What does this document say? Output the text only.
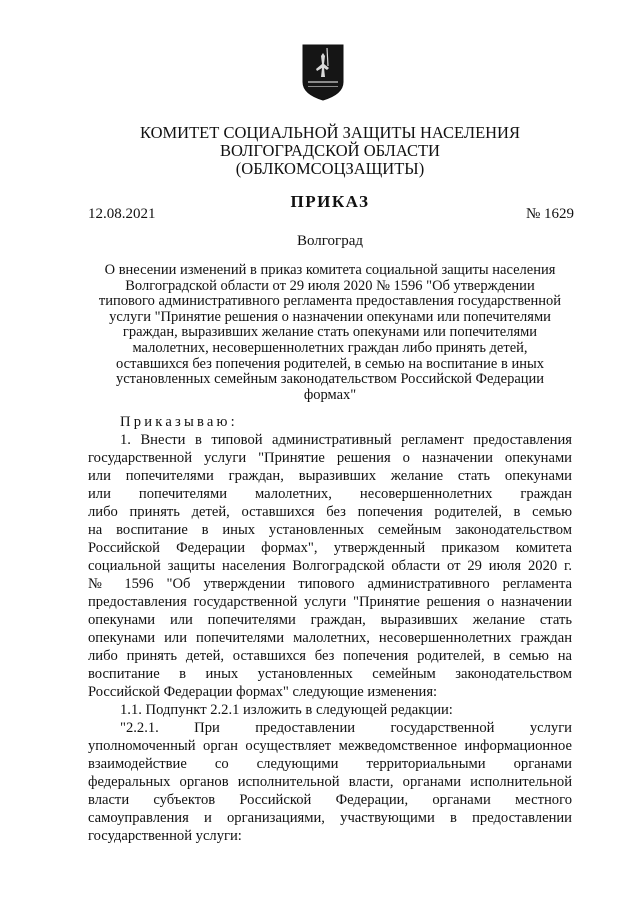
КОМИТЕТ СОЦИАЛЬНОЙ ЗАЩИТЫ НАСЕЛЕНИЯ
ВОЛГОГРАДСКОЙ ОБЛАСТИ
(ОБЛКОМСОЦЗАЩИТЫ)
ПРИКАЗ
12.08.2021	№ 1629
Волгоград
О внесении изменений в приказ комитета социальной защиты населения
Волгоградской области от 29 июля 2020 № 1596 "Об утверждении
типового административного регламента предоставления государственной
услуги "Принятие решения о назначении опекунами или попечителями
граждан, выразивших желание стать опекунами или попечителями
малолетних, несовершеннолетних граждан либо принять детей,
оставшихся без попечения родителей, в семью на воспитание в иных
установленных семейным законодательством Российской Федерации
формах"
Приказываю:
1. Внести в типовой административный регламент предоставления
государственной услуги "Принятие решения о назначении опекунами
или попечителями граждан, выразивших желание стать опекунами
или попечителями малолетних, несовершеннолетних граждан
либо принять детей, оставшихся без попечения родителей, в семью
на воспитание в иных установленных семейным законодательством
Российской Федерации формах", утвержденный приказом комитета
социальной защиты населения Волгоградской области от 29 июля 2020 г.
№ 1596 "Об утверждении типового административного регламента
предоставления государственной услуги "Принятие решения о назначении
опекунами или попечителями граждан, выразивших желание стать
опекунами или попечителями малолетних, несовершеннолетних граждан
либо принять детей, оставшихся без попечения родителей, в семью на
воспитание в иных установленных семейным законодательством
Российской Федерации формах" следующие изменения:
1.1. Подпункт 2.2.1 изложить в следующей редакции:
"2.2.1. При предоставлении государственной услуги
уполномоченный орган осуществляет межведомственное информационное
взаимодействие со следующими территориальными органами
федеральных органов исполнительной власти, органами исполнительной
власти субъектов Российской Федерации, органами местного
самоуправления и организациями, участвующими в предоставлении
государственной услуги:
